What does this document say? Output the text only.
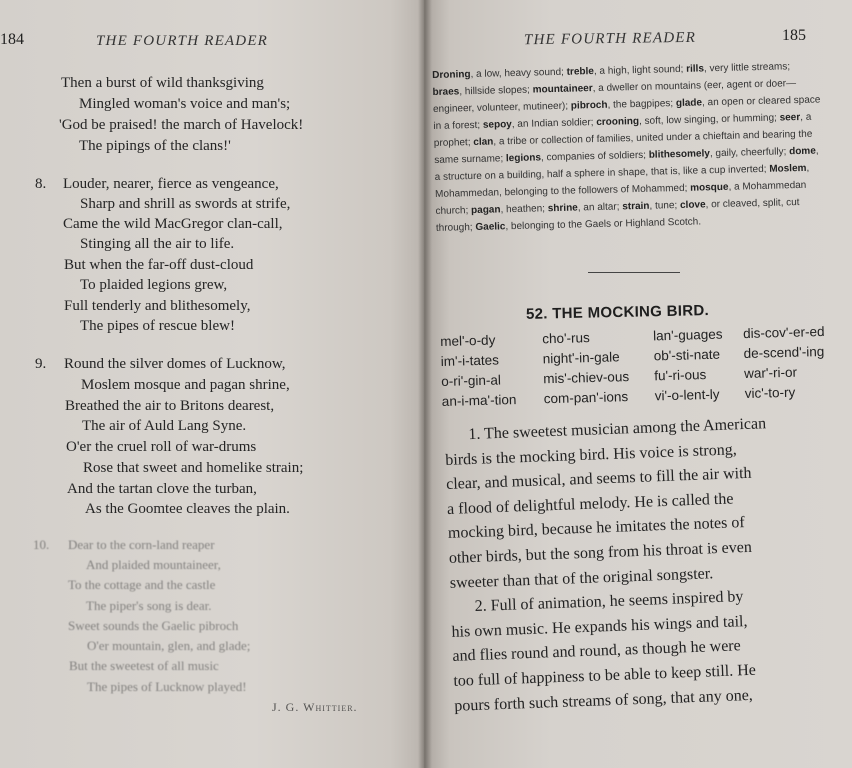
184	THE FOURTH READER
Then a burst of wild thanksgiving
Mingled woman's voice and man's;
'God be praised! the march of Havelock!
The pipings of the clans!'
8. Louder, nearer, fierce as vengeance,
Sharp and shrill as swords at strife,
Came the wild MacGregor clan-call,
Stinging all the air to life.
But when the far-off dust-cloud
To plaided legions grew,
Full tenderly and blithesomely,
The pipes of rescue blew!
9. Round the silver domes of Lucknow,
Moslem mosque and pagan shrine,
Breathed the air to Britons dearest,
The air of Auld Lang Syne.
O'er the cruel roll of war-drums
Rose that sweet and homelike strain;
And the tartan clove the turban,
As the Goomtee cleaves the plain.
10. Dear to the corn-land reaper
And plaided mountaineer,
To the cottage and the castle
The piper's song is dear.
Sweet sounds the Gaelic pibroch
O'er mountain, glen, and glade;
But the sweetest of all music
The pipes of Lucknow played!
J. G. Whittier.
THE FOURTH READER	185
Droning, a low, heavy sound; treble, a high, light sound; rills, very little streams; braes, hillside slopes; mountaineer, a dweller on mountains (eer, agent or doer—engineer, volunteer, mutineer); pibroch, the bagpipes; glade, an open or cleared space in a forest; sepoy, an Indian soldier; crooning, soft, low singing, or humming; seer, a prophet; clan, a tribe or collection of families, united under a chieftain and bearing the same surname; legions, companies of soldiers; blithesomely, gaily, cheerfully; dome, a structure on a building, half a sphere in shape, that is, like a cup inverted; Moslem, Mohammedan, belonging to the followers of Mohammed; mosque, a Mohammedan church; pagan, heathen; shrine, an altar; strain, tune; clove, or cleaved, split, cut through; Gaelic, belonging to the Gaels or Highland Scotch.
52. THE MOCKING BIRD.
mel'-o-dy
im'-i-tates
o-ri'-gin-al
an-i-ma'-tion
cho'-rus
night'-in-gale
mis'-chiev-ous
com-pan'-ions
lan'-guages
ob'-sti-nate
fu'-ri-ous
vi'-o-lent-ly
dis-cov'-er-ed
de-scend'-ing
war'-ri-or
vic'-to-ry
1. The sweetest musician among the American
birds is the mocking bird. His voice is strong,
clear, and musical, and seems to fill the air with
a flood of delightful melody. He is called the
mocking bird, because he imitates the notes of
other birds, but the song from his throat is even
sweeter than that of the original songster.
2. Full of animation, he seems inspired by
his own music. He expands his wings and tail,
and flies round and round, as though he were
too full of happiness to be able to keep still. He
pours forth such streams of song, that any one,
